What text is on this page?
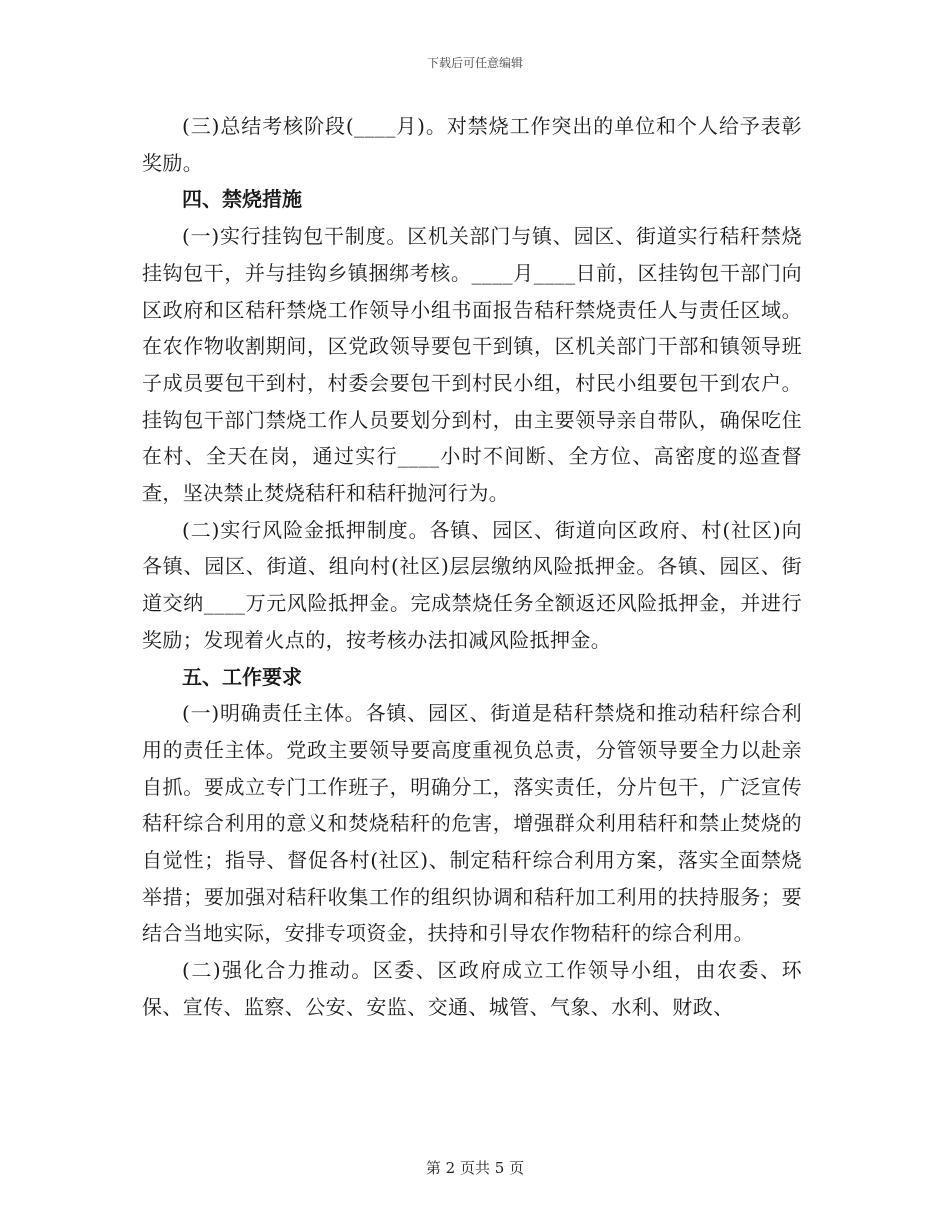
下载后可任意编辑

(三)总结考核阶段(____月)。对禁烧工作突出的单位和个人给予表彰奖励。

四、禁烧措施

(一)实行挂钩包干制度。区机关部门与镇、园区、街道实行秸秆禁烧挂钩包干，并与挂钩乡镇捆绑考核。____月____日前，区挂钩包干部门向区政府和区秸秆禁烧工作领导小组书面报告秸秆禁烧责任人与责任区域。在农作物收割期间，区党政领导要包干到镇，区机关部门干部和镇领导班子成员要包干到村，村委会要包干到村民小组，村民小组要包干到农户。挂钩包干部门禁烧工作人员要划分到村，由主要领导亲自带队，确保吃住在村、全天在岗，通过实行____小时不间断、全方位、高密度的巡查督查，坚决禁止焚烧秸秆和秸秆抛河行为。

(二)实行风险金抵押制度。各镇、园区、街道向区政府、村(社区)向各镇、园区、街道、组向村(社区)层层缴纳风险抵押金。各镇、园区、街道交纳____万元风险抵押金。完成禁烧任务全额返还风险抵押金，并进行奖励；发现着火点的，按考核办法扣减风险抵押金。

五、工作要求

(一)明确责任主体。各镇、园区、街道是秸秆禁烧和推动秸秆综合利用的责任主体。党政主要领导要高度重视负总责，分管领导要全力以赴亲自抓。要成立专门工作班子，明确分工，落实责任，分片包干，广泛宣传秸秆综合利用的意义和焚烧秸秆的危害，增强群众利用秸秆和禁止焚烧的自觉性；指导、督促各村(社区)、制定秸秆综合利用方案，落实全面禁烧举措；要加强对秸秆收集工作的组织协调和秸秆加工利用的扶持服务；要结合当地实际，安排专项资金，扶持和引导农作物秸秆的综合利用。

(二)强化合力推动。区委、区政府成立工作领导小组，由农委、环保、宣传、监察、公安、安监、交通、城管、气象、水利、财政、

第 2 页共 5 页
